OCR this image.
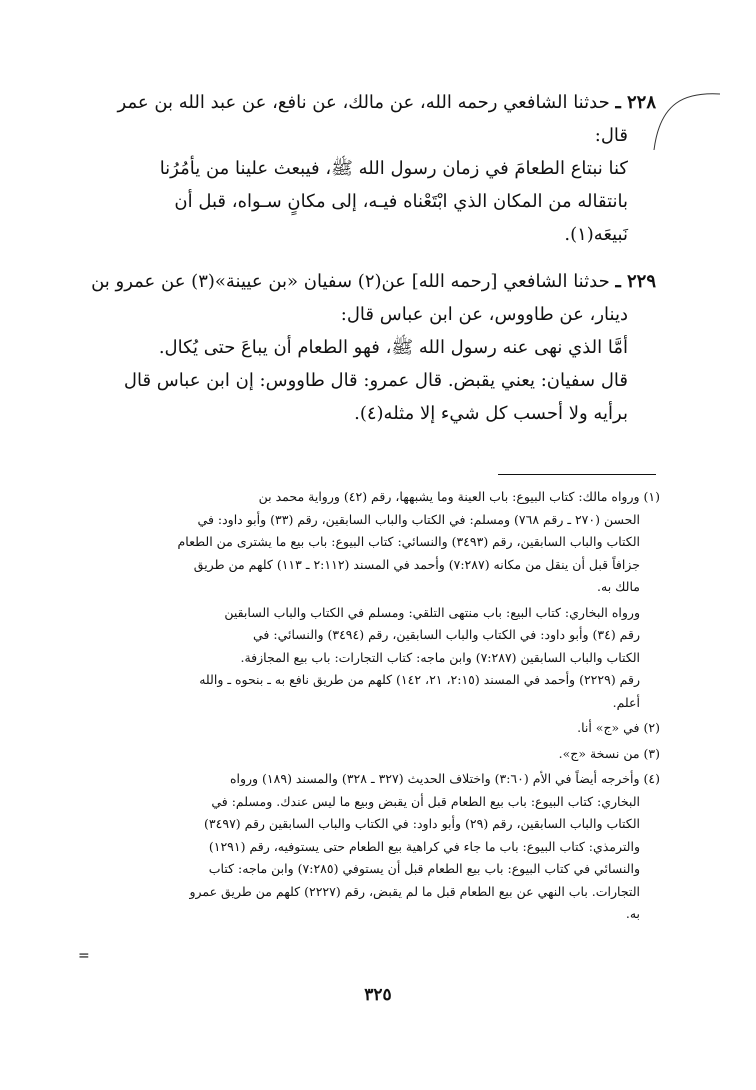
٢٢٨ ـ حدثنا الشافعي رحمه الله، عن مالك، عن نافع، عن عبد الله بن عمر
قال:
كنا نبتاع الطعامَ في زمان رسول الله ﷺ، فيبعث علينا من يأمُرُنا
بانتقاله من المكان الذي ابْتَعْناه فيـه، إلى مكانٍ سـواه، قبل أن
نَبيعَه(١).
٢٢٩ ـ حدثنا الشافعي [رحمه الله] عن(٢) سفيان «بن عيينة»(٣) عن عمرو بن
دينار، عن طاووس، عن ابن عباس قال:
أمَّا الذي نهى عنه رسول الله ﷺ، فهو الطعام أن يباعَ حتى يُكال.
قال سفيان: يعني يقبض. قال عمرو: قال طاووس: إن ابن عباس قال
برأيه ولا أحسب كل شيء إلا مثله(٤).
(١) ورواه مالك: كتاب البيوع: باب العينة وما يشبهها، رقم (٤٢) ورواية محمد بن
الحسن (٢٧٠ ـ رقم ٧٦٨) ومسلم: في الكتاب والباب السابقين، رقم (٣٣) وأبو داود: في
الكتاب والباب السابقين، رقم (٣٤٩٣) والنسائي: كتاب البيوع: باب بيع ما يشترى من الطعام
جزافاً قبل أن ينقل من مكانه (٧:٢٨٧) وأحمد في المسند (٢:١١٢ ـ ١١٣) كلهم من طريق
مالك به.
ورواه البخاري: كتاب البيع: باب منتهى التلقي: ومسلم في الكتاب والباب السابقين
رقم (٣٤) وأبو داود: في الكتاب والباب السابقين، رقم (٣٤٩٤) والنسائي: في
الكتاب والباب السابقين (٧:٢٨٧) وابن ماجه: كتاب التجارات: باب بيع المجازفة.
رقم (٢٢٢٩) وأحمد في المسند (٢:١٥، ٢١، ١٤٢) كلهم من طريق نافع به ـ بنحوه ـ والله
أعلم.
(٢) في «ج» أنا.
(٣) من نسخة «ج».
(٤) وأخرجه أيضاً في الأم (٣:٦٠) واختلاف الحديث (٣٢٧ ـ ٣٢٨) والمسند (١٨٩) ورواه
البخاري: كتاب البيوع: باب بيع الطعام قبل أن يقبض وبيع ما ليس عندك. ومسلم: في
الكتاب والباب السابقين، رقم (٢٩) وأبو داود: في الكتاب والباب السابقين رقم (٣٤٩٧)
والترمذي: كتاب البيوع: باب ما جاء في كراهية بيع الطعام حتى يستوفيه، رقم (١٢٩١)
والنسائي في كتاب البيوع: باب بيع الطعام قبل أن يستوفي (٧:٢٨٥) وابن ماجه: كتاب
التجارات. باب النهي عن بيع الطعام قبل ما لم يقبض، رقم (٢٢٢٧) كلهم من طريق عمرو
به.
=
٣٢٥
